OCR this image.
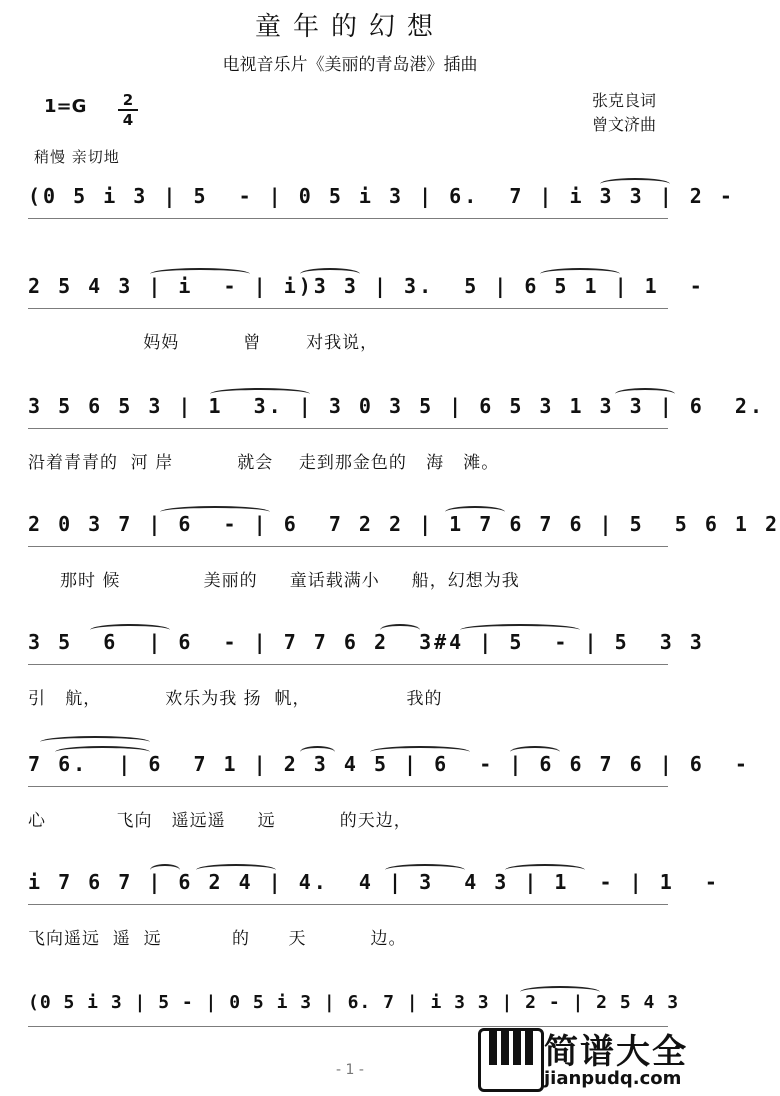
童年的幻想
电视音乐片《美丽的青岛港》插曲
张克良词
曾文济曲
1=G	2
4
稍慢 亲切地
(0 5 i 3 | 5  - | 0 5 i 3 | 6.  7 | i 3 3 | 2 -
2 5 4 3 | i  - | i)3 3 | 3.  5 | 6 5 1 | 1  -
妈妈          曾       对我说，
3 5 6 5 3 | 1  3. | 3 0 3 5 | 6 5 3 1 3 3 | 6  2.
沿着青青的  河 岸          就会    走到那金色的   海   滩。
2 0 3 7 | 6  - | 6  7 2 2 | 1 7 6 7 6 | 5  5 6 1 2
那时 候             美丽的     童话载满小     船，幻想为我
3 5  6  | 6  - | 7 7 6 2  3#4 | 5  - | 5  3 3
引   航，          欢乐为我 扬  帆，               我的
7 6.  | 6  7 1 | 2 3 4 5 | 6  - | 6 6 7 6 | 6  -
心           飞向   遥远遥     远          的天边，
i 7 6 7 | 6 2 4 | 4.  4 | 3  4 3 | 1  - | 1  -
飞向遥远  遥  远           的      天          边。
(0 5 i 3 | 5 - | 0 5 i 3 | 6. 7 | i 3 3 | 2 - | 2 5 4 3
- 1 -	简谱大全
jianpudq.com
